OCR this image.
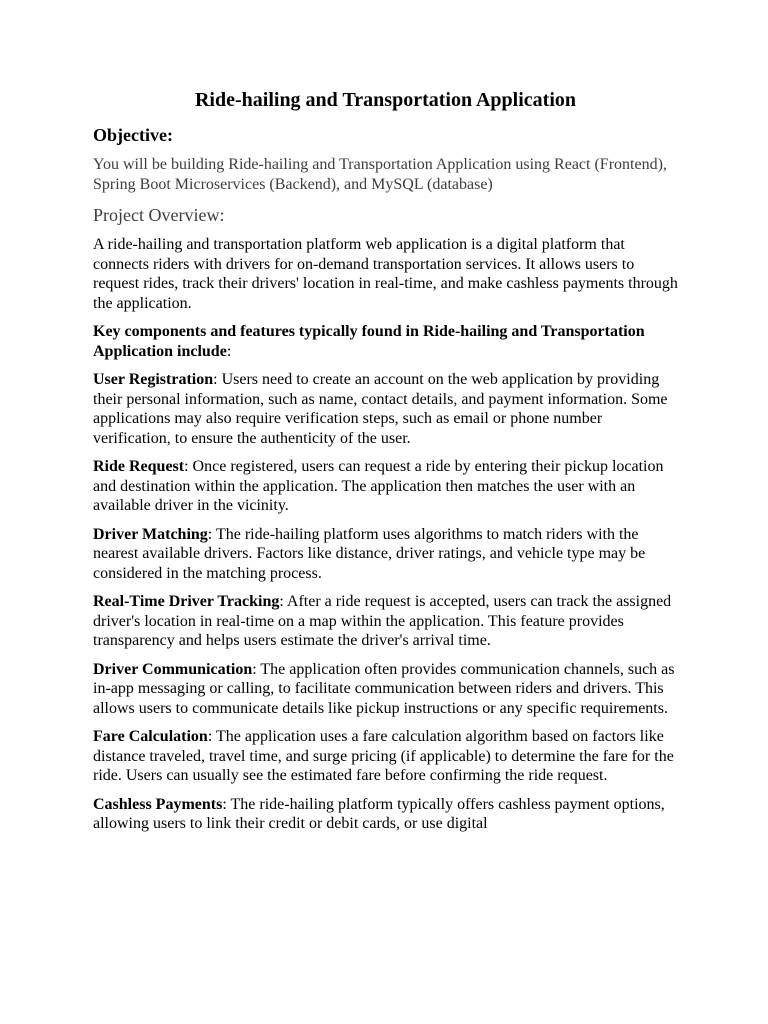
Ride-hailing and Transportation Application
Objective:

You will be building Ride-hailing and Transportation Application using React (Frontend), Spring Boot Microservices (Backend), and MySQL (database)

Project Overview:

A ride-hailing and transportation platform web application is a digital platform that connects riders with drivers for on-demand transportation services. It allows users to request rides, track their drivers' location in real-time, and make cashless payments through the application.

Key components and features typically found in Ride-hailing and Transportation Application include:

User Registration: Users need to create an account on the web application by providing their personal information, such as name, contact details, and payment information. Some applications may also require verification steps, such as email or phone number verification, to ensure the authenticity of the user.

Ride Request: Once registered, users can request a ride by entering their pickup location and destination within the application. The application then matches the user with an available driver in the vicinity.

Driver Matching: The ride-hailing platform uses algorithms to match riders with the nearest available drivers. Factors like distance, driver ratings, and vehicle type may be considered in the matching process.

Real-Time Driver Tracking: After a ride request is accepted, users can track the assigned driver's location in real-time on a map within the application. This feature provides transparency and helps users estimate the driver's arrival time.

Driver Communication: The application often provides communication channels, such as in-app messaging or calling, to facilitate communication between riders and drivers. This allows users to communicate details like pickup instructions or any specific requirements.

Fare Calculation: The application uses a fare calculation algorithm based on factors like distance traveled, travel time, and surge pricing (if applicable) to determine the fare for the ride. Users can usually see the estimated fare before confirming the ride request.

Cashless Payments: The ride-hailing platform typically offers cashless payment options, allowing users to link their credit or debit cards, or use digital
